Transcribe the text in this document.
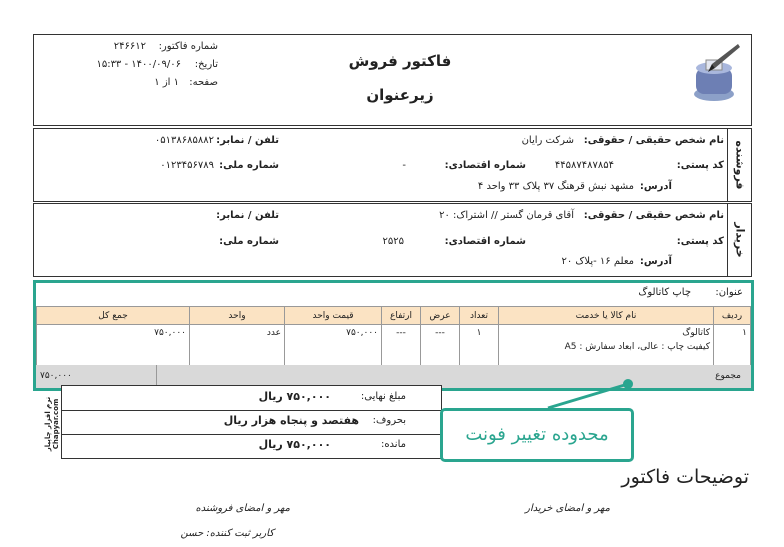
فاکتور فروش
زیرعنوان
شماره فاکتور:
۲۴۶۶۱۲
تاریخ:
۱۴۰۰/۰۹/۰۶ - ۱۵:۳۳
صفحه:
۱ از ۱
فروشنده
نام شخص حقیقی / حقوقی:
شرکت رایان
تلفن / نمابر:
۰۵۱۳۸۶۸۵۸۸۲
کد پستی:
۴۴۵۸۷۴۸۷۸۵۴
شماره اقتصادی:
-
شماره ملی:
۰۱۲۳۴۵۶۷۸۹
آدرس:
مشهد نبش قرهنگ ۳۷ پلاک ۳۳ واحد ۴
خریدار
نام شخص حقیقی / حقوقی:
آقای قرمان گستر // اشتراک: ۲۰
تلفن / نمابر:
کد پستی:
شماره اقتصادی:
۲۵۲۵
شماره ملی:
آدرس:
معلم ۱۶ -پلاک ۲۰
عنوان:
چاپ کاتالوگ
ردیف	نام کالا یا خدمت	تعداد	عرض	ارتفاع	قیمت واحد	واحد	جمع کل
۱	کاتالوگ
کیفیت چاپ : عالی، ابعاد سفارش : A5	۱	---	---	۷۵۰,۰۰۰	عدد	۷۵۰,۰۰۰
مجموع
۷۵۰,۰۰۰
مبلغ نهایی:
۷۵۰,۰۰۰ ریال
بحروف:
هفتصد و پنجاه هزار ریال
مانده:
۷۵۰,۰۰۰ ریال	محدوده تغییر فونت
نرم افزار چاپیار Chapyar.com
توضیحات فاکتور
مهر و امضای خریدار
مهر و امضای فروشنده
کاربر ثبت کننده: حسن
